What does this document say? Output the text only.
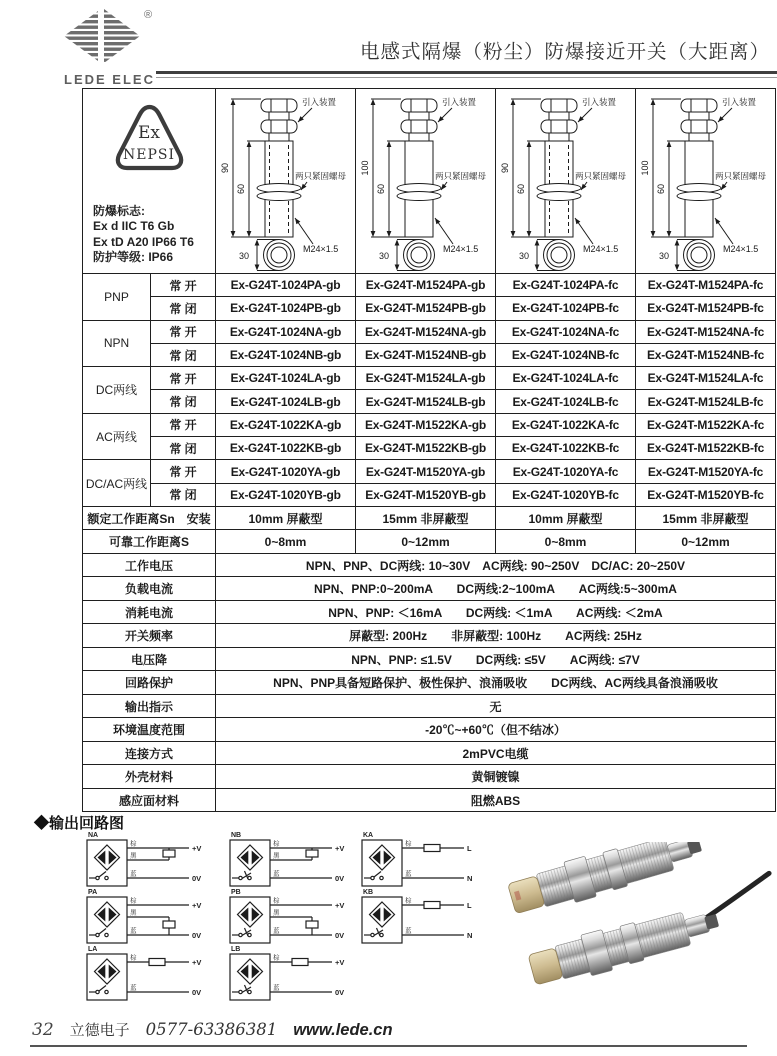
®
LEDE ELEC
电感式隔爆（粉尘）防爆接近开关（大距离）
Ex
NEPSI
防爆标志:
Ex d IIC T6 Gb
Ex tD A20 IP66 T6
防护等级: IP66

90
60
引入装置
两只紧固螺母
M24×1.5
30

100
60
引入装置
两只紧固螺母
M24×1.5
30

90
60
引入装置
两只紧固螺母
M24×1.5
30

100
60
引入装置
两只紧固螺母
M24×1.5
30

PNP	常 开	Ex-G24T-1024PA-gb	Ex-G24T-M1524PA-gb	Ex-G24T-1024PA-fc	Ex-G24T-M1524PA-fc
	常 闭	Ex-G24T-1024PB-gb	Ex-G24T-M1524PB-gb	Ex-G24T-1024PB-fc	Ex-G24T-M1524PB-fc
NPN	常 开	Ex-G24T-1024NA-gb	Ex-G24T-M1524NA-gb	Ex-G24T-1024NA-fc	Ex-G24T-M1524NA-fc
	常 闭	Ex-G24T-1024NB-gb	Ex-G24T-M1524NB-gb	Ex-G24T-1024NB-fc	Ex-G24T-M1524NB-fc
DC两线	常 开	Ex-G24T-1024LA-gb	Ex-G24T-M1524LA-gb	Ex-G24T-1024LA-fc	Ex-G24T-M1524LA-fc
	常 闭	Ex-G24T-1024LB-gb	Ex-G24T-M1524LB-gb	Ex-G24T-1024LB-fc	Ex-G24T-M1524LB-fc
AC两线	常 开	Ex-G24T-1022KA-gb	Ex-G24T-M1522KA-gb	Ex-G24T-1022KA-fc	Ex-G24T-M1522KA-fc
	常 闭	Ex-G24T-1022KB-gb	Ex-G24T-M1522KB-gb	Ex-G24T-1022KB-fc	Ex-G24T-M1522KB-fc
DC/AC两线	常 开	Ex-G24T-1020YA-gb	Ex-G24T-M1520YA-gb	Ex-G24T-1020YA-fc	Ex-G24T-M1520YA-fc
	常 闭	Ex-G24T-1020YB-gb	Ex-G24T-M1520YB-gb	Ex-G24T-1020YB-fc	Ex-G24T-M1520YB-fc
额定工作距离Sn　安装		10mm 屏蔽型	15mm 非屏蔽型	10mm 屏蔽型	15mm 非屏蔽型
可靠工作距离S		0~8mm	0~12mm	0~8mm	0~12mm
工作电压		NPN、PNP、DC两线: 10~30V　AC两线: 90~250V　DC/AC: 20~250V			
负载电流		NPN、PNP:0~200mA　　DC两线:2~100mA　　AC两线:5~300mA			
消耗电流		NPN、PNP: ＜16mA　　DC两线: ＜1mA　　AC两线: ＜2mA			
开关频率		屏蔽型: 200Hz　　非屏蔽型: 100Hz　　AC两线: 25Hz			
电压降		NPN、PNP: ≤1.5V　　DC两线: ≤5V　　AC两线: ≤7V			
回路保护		NPN、PNP具备短路保护、极性保护、浪涌吸收　　DC两线、AC两线具备浪涌吸收			
输出指示		无			
环境温度范围		-20℃~+60℃（但不结冰）			
连接方式		2mPVC电缆			
外壳材料		黄铜镀镍			
感应面材料		阻燃ABS			
◆输出回路图
NA
棕
黑
蓝
+V
0V
NB
棕
黑
蓝
+V
0V
KA
棕
蓝
L
N
PA
棕
黑
蓝
+V
0V
PB
棕
黑
蓝
+V
0V
KB
棕
蓝
L
N
LA
棕
蓝
+V
0V
LB
棕
蓝
+V
0V
32 立德电子 0577-63386381 www.lede.cn
